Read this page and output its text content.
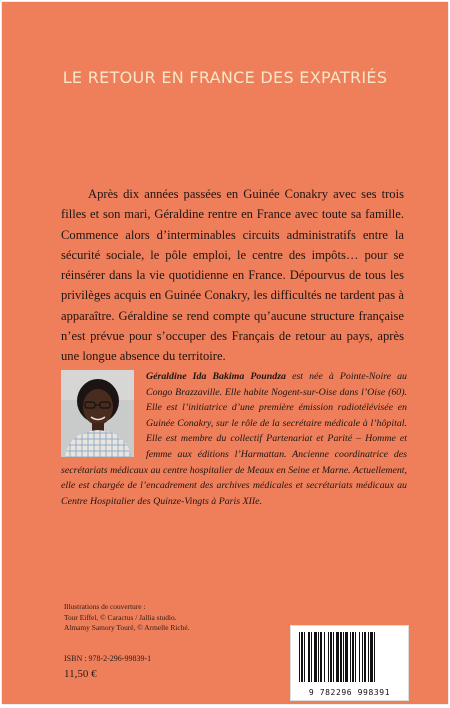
LE RETOUR EN FRANCE DES EXPATRIÉS

Après dix années passées en Guinée Conakry avec ses trois filles et son mari, Géraldine rentre en France avec toute sa famille. Commence alors d’interminables circuits administratifs entre la sécurité sociale, le pôle emploi, le centre des impôts… pour se réinsérer dans la vie quotidienne en France. Dépourvus de tous les privilèges acquis en Guinée Conakry, les difficultés ne tardent pas à apparaître. Géraldine se rend compte qu’aucune structure française n’est prévue pour s’occuper des Français de retour au pays, après une longue absence du territoire.

Géraldine Ida Bakima Poundza est née à Pointe-Noire au Congo Brazzaville. Elle habite Nogent-sur-Oise dans l’Oise (60). Elle est l’initiatrice d’une première émission radiotélévisée en Guinée Conakry, sur le rôle de la secrétaire médicale à l’hôpital. Elle est membre du collectif Partenariat et Parité – Homme et femme aux éditions l’Harmattan. Ancienne coordinatrice des secrétariats médicaux au centre hospitalier de Meaux en Seine et Marne. Actuellement, elle est chargée de l’encadrement des archives médicales et secrétariats médicaux au Centre Hospitalier des Quinze-Vingts à Paris XIIe.

Illustrations de couverture :
Tour Eiffel, © Caractus / Jallia studio.
Almamy Samory Touré, © Armelle Riché.
ISBN : 978-2-296-99839-1
11,50 €
9 782296 998391
